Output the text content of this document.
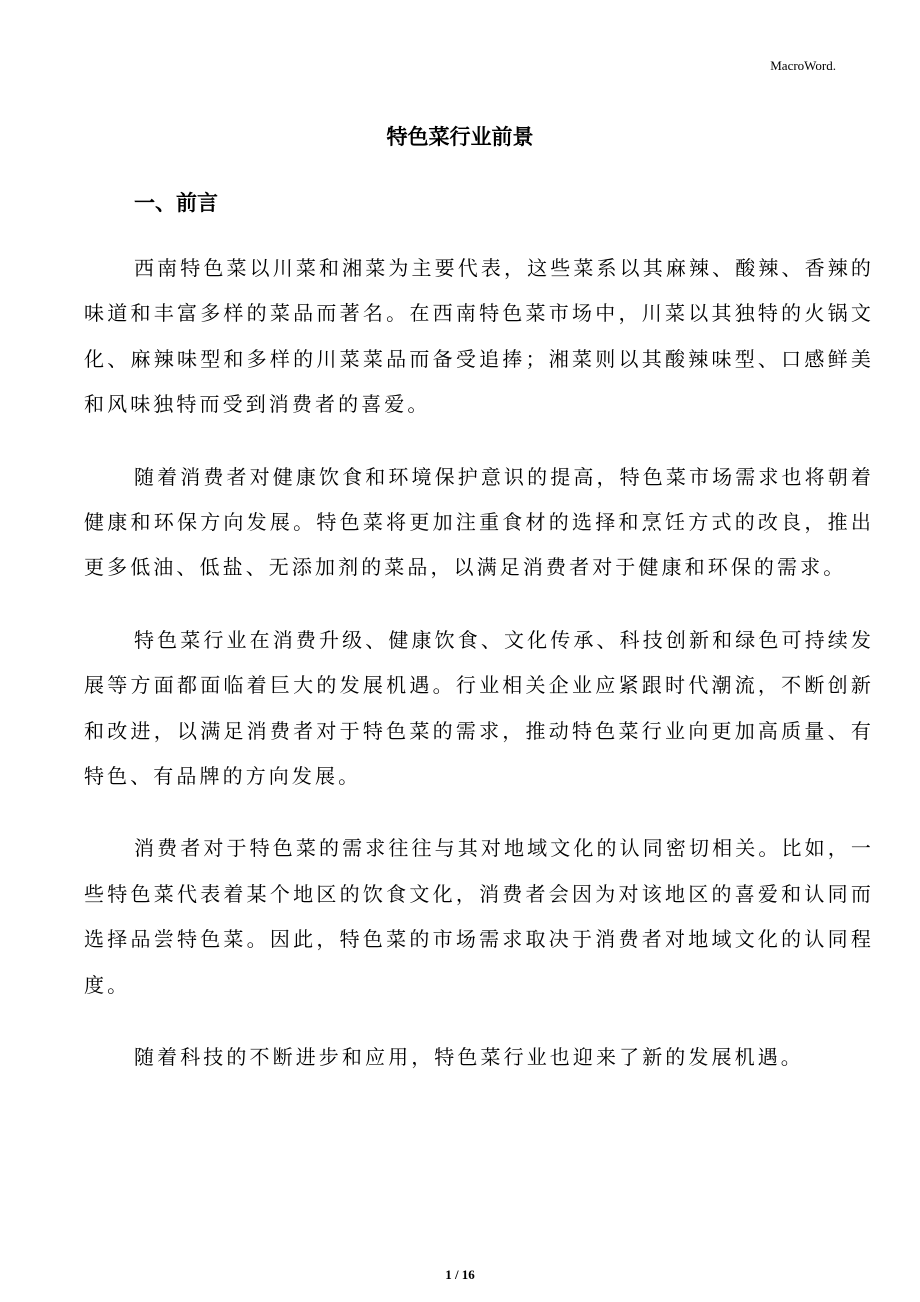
MacroWord.
特色菜行业前景
一、前言

西南特色菜以川菜和湘菜为主要代表，这些菜系以其麻辣、酸辣、香辣的味道和丰富多样的菜品而著名。在西南特色菜市场中，川菜以其独特的火锅文化、麻辣味型和多样的川菜菜品而备受追捧；湘菜则以其酸辣味型、口感鲜美和风味独特而受到消费者的喜爱。

随着消费者对健康饮食和环境保护意识的提高，特色菜市场需求也将朝着健康和环保方向发展。特色菜将更加注重食材的选择和烹饪方式的改良，推出更多低油、低盐、无添加剂的菜品，以满足消费者对于健康和环保的需求。

特色菜行业在消费升级、健康饮食、文化传承、科技创新和绿色可持续发展等方面都面临着巨大的发展机遇。行业相关企业应紧跟时代潮流，不断创新和改进，以满足消费者对于特色菜的需求，推动特色菜行业向更加高质量、有特色、有品牌的方向发展。

消费者对于特色菜的需求往往与其对地域文化的认同密切相关。比如，一些特色菜代表着某个地区的饮食文化，消费者会因为对该地区的喜爱和认同而选择品尝特色菜。因此，特色菜的市场需求取决于消费者对地域文化的认同程度。

随着科技的不断进步和应用，特色菜行业也迎来了新的发展机遇。

1 / 16
